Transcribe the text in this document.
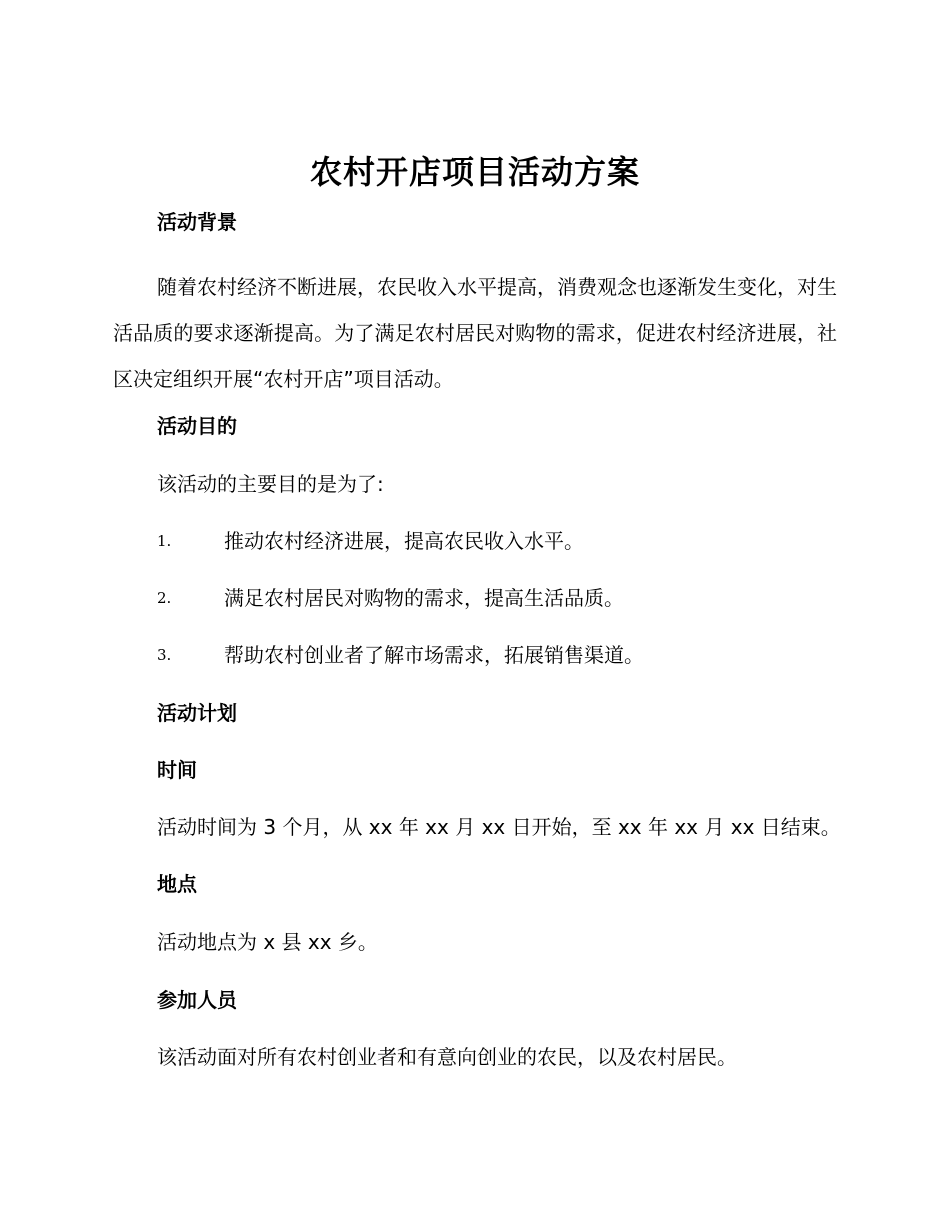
农村开店项目活动方案
活动背景
随着农村经济不断进展，农民收入水平提高，消费观念也逐渐发生变化，对生活品质的要求逐渐提高。为了满足农村居民对购物的需求，促进农村经济进展，社区决定组织开展“农村开店”项目活动。
活动目的
该活动的主要目的是为了:
1.	推动农村经济进展，提高农民收入水平。
2.	满足农村居民对购物的需求，提高生活品质。
3.	帮助农村创业者了解市场需求，拓展销售渠道。
活动计划
时间
活动时间为 3 个月，从 xx 年 xx 月 xx 日开始，至 xx 年 xx 月 xx 日结束。
地点
活动地点为 x 县 xx 乡。
参加人员
该活动面对所有农村创业者和有意向创业的农民，以及农村居民。
